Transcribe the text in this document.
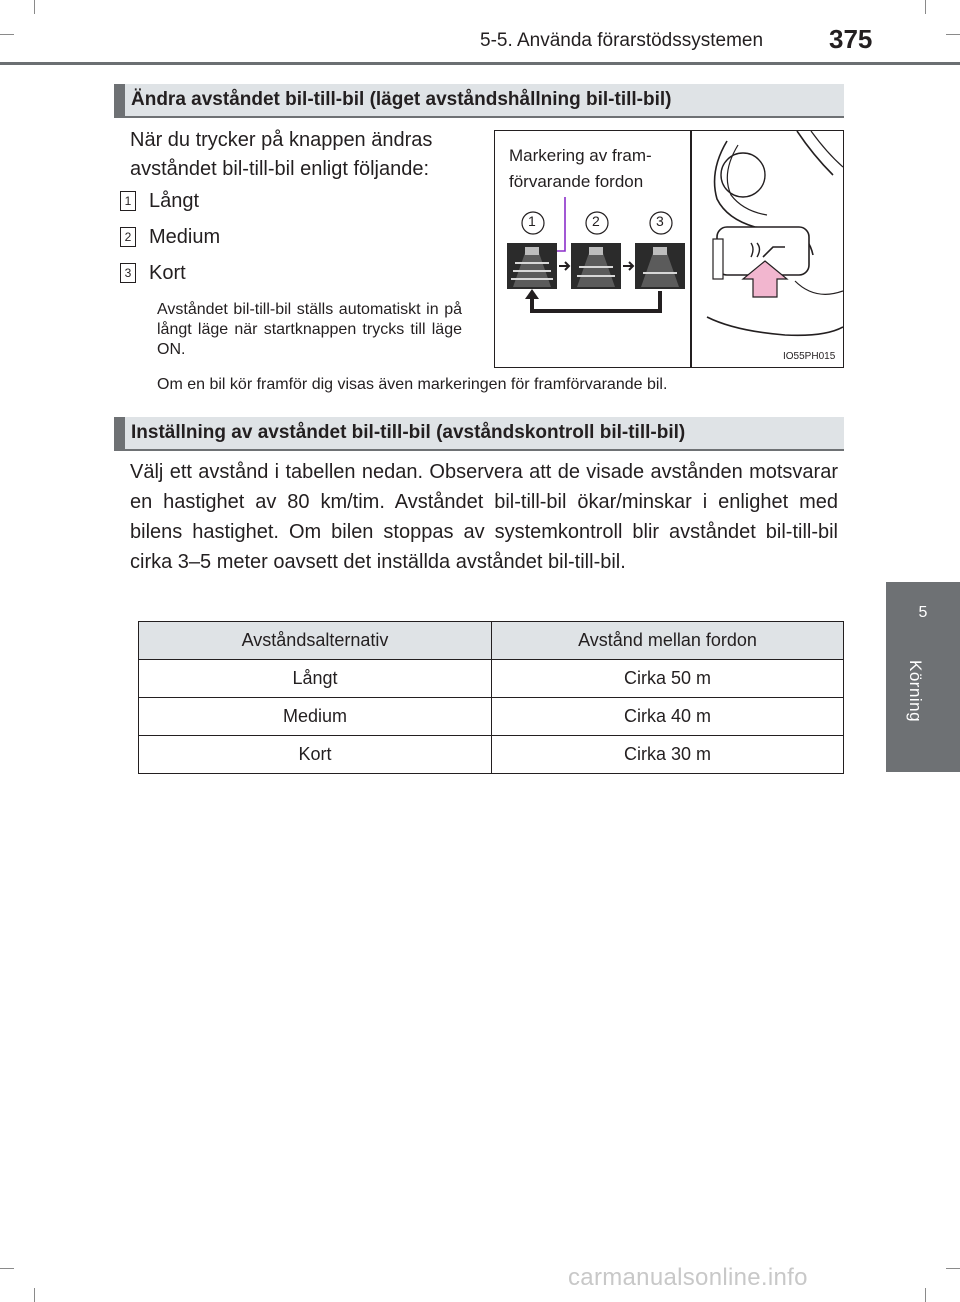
5-5. Använda förarstödssystemen	375
5
Körning
Ändra avståndet bil-till-bil (läget avståndshållning bil-till-bil)
När du trycker på knappen ändras avståndet bil-till-bil enligt följande:
1 Långt
2 Medium
3 Kort
Avståndet bil-till-bil ställs automatiskt in på långt läge när startknappen trycks till läge ON.
Om en bil kör framför dig visas även markeringen för framförvarande bil.
Markering av fram-
förvarande fordon
1	2	3
IO55PH015
Inställning av avståndet bil-till-bil (avståndskontroll bil-till-bil)
Välj ett avstånd i tabellen nedan. Observera att de visade avstånden motsvarar en hastighet av 80 km/tim. Avståndet bil-till-bil ökar/minskar i enlighet med bilens hastighet. Om bilen stoppas av systemkontroll blir avståndet bil-till-bil cirka 3–5 meter oavsett det inställda avståndet bil-till-bil.
Avståndsalternativ	Avstånd mellan fordon
Långt	Cirka 50 m
Medium	Cirka 40 m
Kort	Cirka 30 m
carmanualsonline.info
